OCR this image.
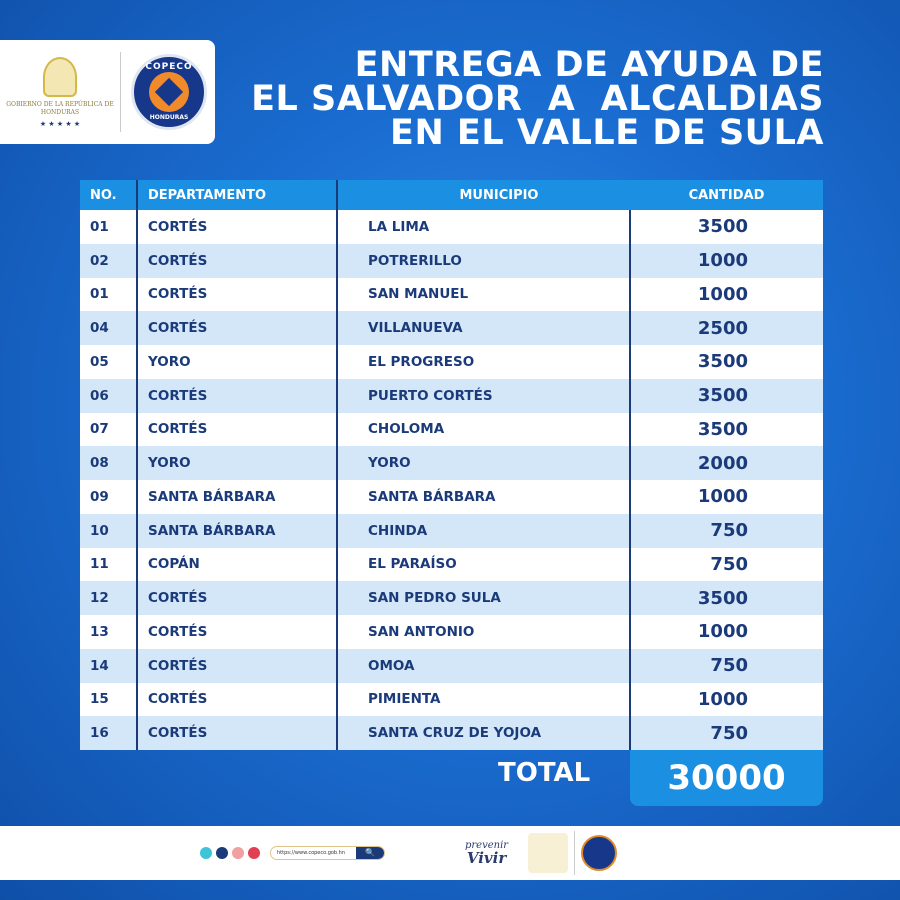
GOBIERNO DE LA REPÚBLICA DE HONDURAS
★ ★ ★ ★ ★
COPECO
HONDURAS
ENTREGA DE AYUDA DE
EL SALVADOR  A  ALCALDIAS
EN EL VALLE DE SULA
NO.	DEPARTAMENTO	MUNICIPIO	CANTIDAD
01	CORTÉS	LA LIMA	3500
02	CORTÉS	POTRERILLO	1000
01	CORTÉS	SAN MANUEL	1000
04	CORTÉS	VILLANUEVA	2500
05	YORO	EL PROGRESO	3500
06	CORTÉS	PUERTO CORTÉS	3500
07	CORTÉS	CHOLOMA	3500
08	YORO	YORO	2000
09	SANTA BÁRBARA	SANTA BÁRBARA	1000
10	SANTA BÁRBARA	CHINDA	750
11	COPÁN	EL PARAÍSO	750
12	CORTÉS	SAN PEDRO SULA	3500
13	CORTÉS	SAN ANTONIO	1000
14	CORTÉS	OMOA	750
15	CORTÉS	PIMIENTA	1000
16	CORTÉS	SANTA CRUZ DE YOJOA	750
TOTAL	30000
https://www.copeco.gob.hn	🔍
prevenir
Vivir
